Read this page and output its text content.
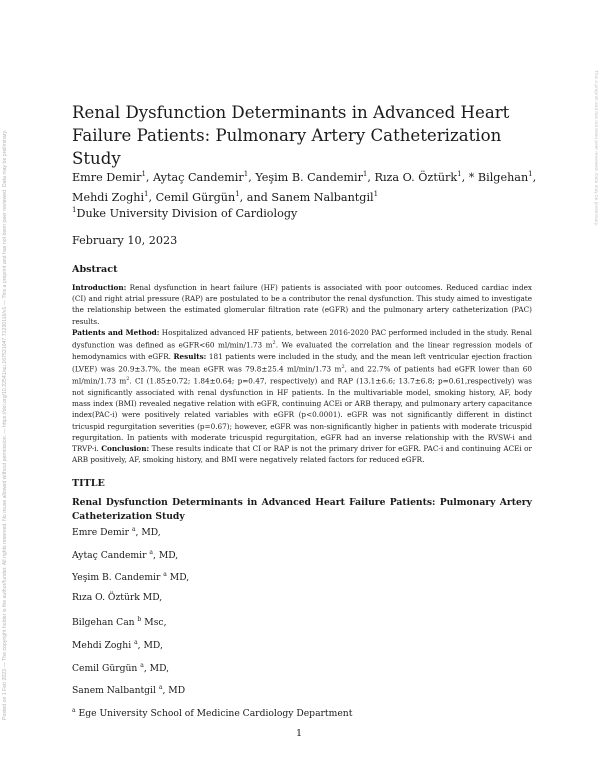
Posted on 1 Feb 2023 — The copyright holder is the author/funder. All rights reserved. No reuse allowed without permission. — https://doi.org/10.22541/au.167521047.71230116/v1 — This a preprint and has not been peer reviewed. Data may be preliminary.	This a preprint and has not been peer reviewed. Data may be preliminary.
Renal Dysfunction Determinants in Advanced Heart Failure Patients: Pulmonary Artery Catheterization Study
Emre Demir$^1$, Aytaç Candemir$^1$, Yeşim B. Candemir$^1$, Rıza O. Öztürk$^1$, * Bilgehan$^1$, Mehdi Zoghi$^1$, Cemil Gürgün$^1$, and Sanem Nalbantgil$^1$
$^1$Duke University Division of Cardiology
February 10, 2023
Abstract
Introduction: Renal dysfunction in heart failure (HF) patients is associated with poor outcomes. Reduced cardiac index (CI) and right atrial pressure (RAP) are postulated to be a contributor the renal dysfunction. This study aimed to investigate the relationship between the estimated glomerular filtration rate (eGFR) and the pulmonary artery catheterization (PAC) results.
Patients and Method: Hospitalized advanced HF patients, between 2016-2020 PAC performed included in the study. Renal dysfunction was defined as eGFR<60 ml/min/1.73 $m^2$. We evaluated the correlation and the linear regression models of hemodynamics with eGFR. Results: 181 patients were included in the study, and the mean left ventricular ejection fraction (LVEF) was 20.9±3.7%, the mean eGFR was 79.8±25.4 ml/min/1.73 $m^2$, and 22.7% of patients had eGFR lower than 60 ml/min/1.73 $m^2$. CI (1.85±0.72; 1.84±0.64; p=0.47, respectively) and RAP (13.1±6.6; 13.7±6.8; p=0.61,respectively) was not significantly associated with renal dysfunction in HF patients. In the multivariable model, smoking history, AF, body mass index (BMI) revealed negative relation with eGFR, continuing ACEi or ARB therapy, and pulmonary artery capacitance index(PAC-i) were positively related variables with eGFR (p<0.0001). eGFR was not significantly different in distinct tricuspid regurgitation severities (p=0.67); however, eGFR was non-significantly higher in patients with moderate tricuspid regurgitation. In patients with moderate tricuspid regurgitation, eGFR had an inverse relationship with the RVSW-i and TRVP-i. Conclusion: These results indicate that CI or RAP is not the primary driver for eGFR. PAC-i and continuing ACEi or ARB positively, AF, smoking history, and BMI were negatively related factors for reduced eGFR.
TITLE
Renal Dysfunction Determinants in Advanced Heart Failure Patients: Pulmonary Artery Catheterization Study
Emre Demir $^a$, MD,
Aytaç Candemir $^a$, MD,
Yeşim B. Candemir $^a$ MD,
Rıza O. Öztürk MD,
Bilgehan Can $^b$ Msc,
Mehdi Zoghi $^a$, MD,
Cemil Gürgün $^a$, MD,
Sanem Nalbantgil $^a$, MD
$^a$ Ege University School of Medicine Cardiology Department
1
